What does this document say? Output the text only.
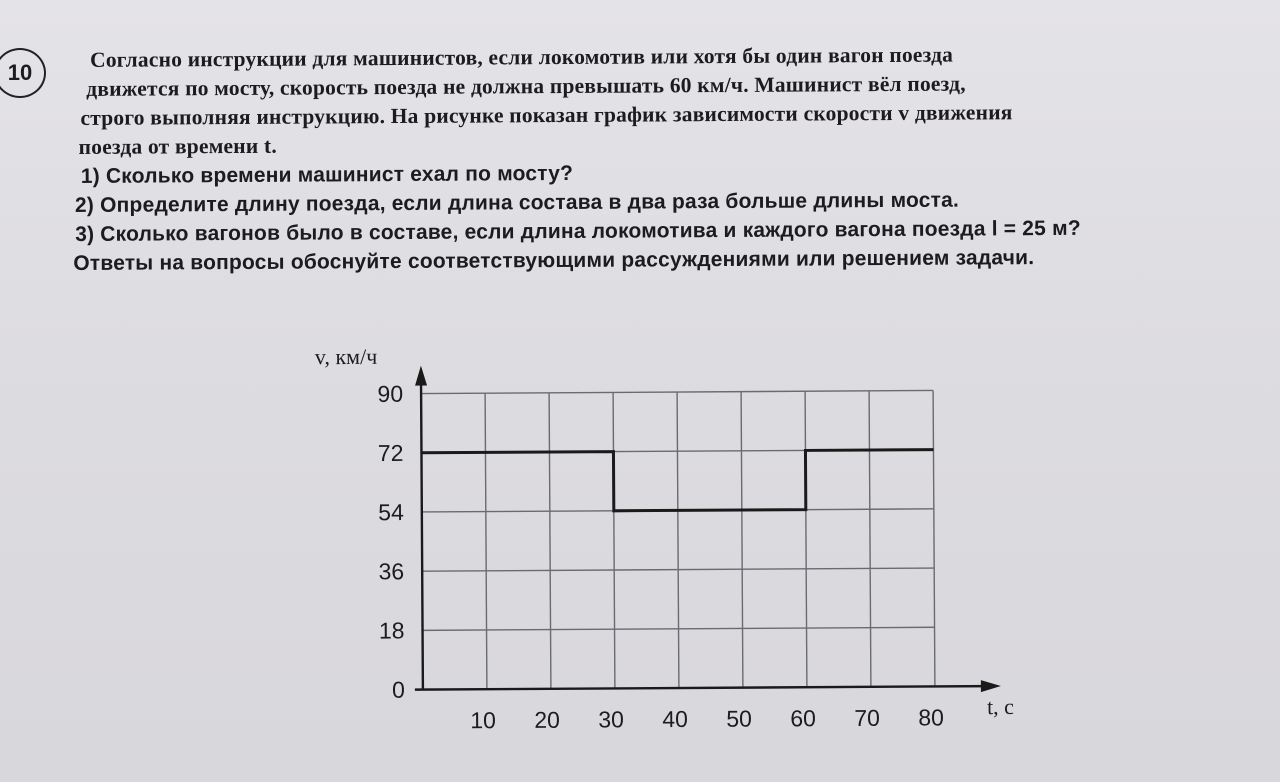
10
Согласно инструкции для машинистов, если локомотив или хотя бы один вагон поезда
движется по мосту, скорость поезда не должна превышать 60 км/ч. Машинист вёл поезд,
строго выполняя инструкцию. На рисунке показан график зависимости скорости v движения
поезда от времени t.
1) Сколько времени машинист ехал по мосту?
2) Определите длину поезда, если длина состава в два раза больше длины моста.
3) Сколько вагонов было в составе, если длина локомотива и каждого вагона поезда l = 25 м?
Ответы на вопросы обоснуйте соответствующими рассуждениями или решением задачи.
10 20 30 40 50 60 70 80
0
18
36
54
72
90
v, км/ч
t, с
